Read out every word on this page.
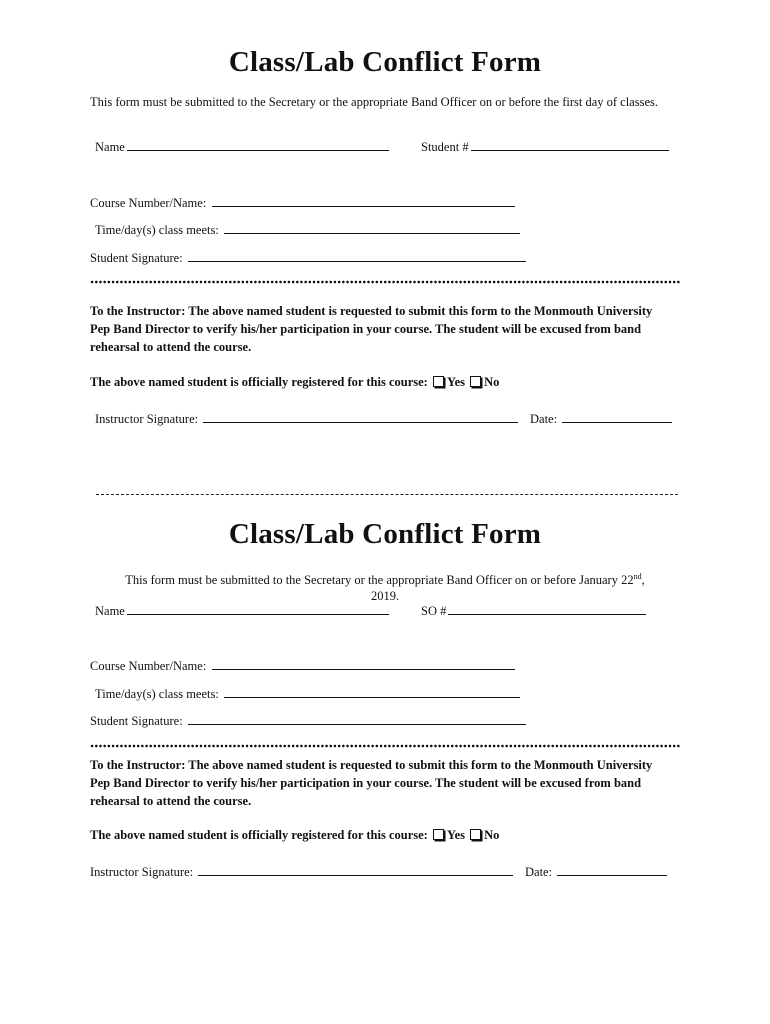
Class/Lab Conflict Form
This form must be submitted to the Secretary or the appropriate Band Officer on or before the first day of classes.
Name	Student #
Course Number/Name:
Time/day(s) class meets:
Student Signature:
To the Instructor: The above named student is requested to submit this form to the Monmouth University Pep Band Director to verify his/her participation in your course. The student will be excused from band rehearsal to attend the course.
The above named student is officially registered for this course: Yes No
Instructor Signature:	Date:
Class/Lab Conflict Form
This form must be submitted to the Secretary or the appropriate Band Officer on or before January 22nd,
2019.
Name	SO #
Course Number/Name:
Time/day(s) class meets:
Student Signature:
To the Instructor: The above named student is requested to submit this form to the Monmouth University Pep Band Director to verify his/her participation in your course. The student will be excused from band rehearsal to attend the course.
The above named student is officially registered for this course: Yes No
Instructor Signature:	Date:
